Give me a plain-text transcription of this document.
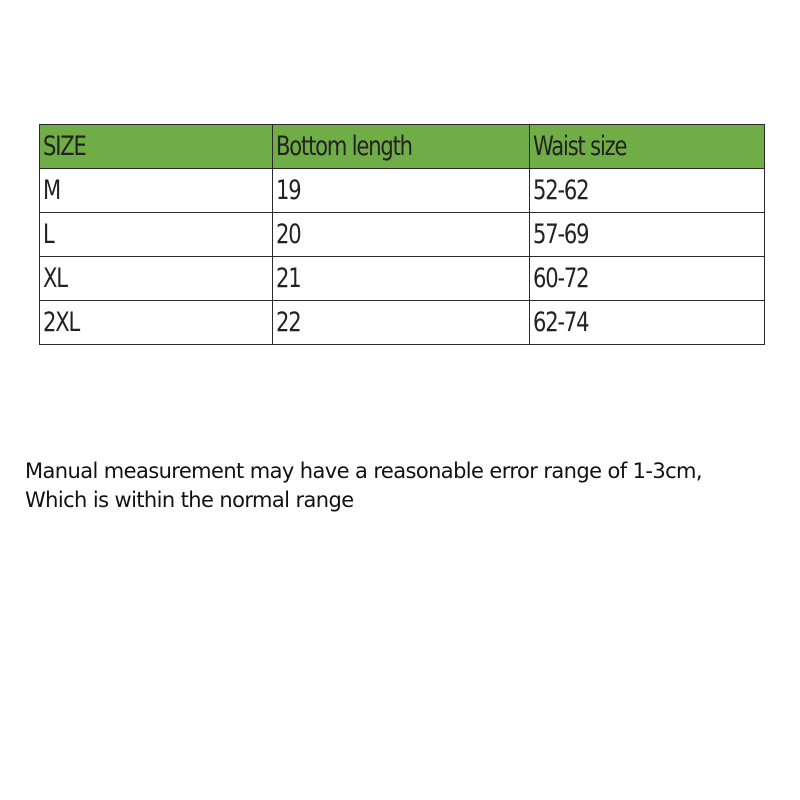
SIZE	Bottom length	Waist size
M	19	52-62
L	20	57-69
XL	21	60-72
2XL	22	62-74

Manual measurement may have a reasonable error range of 1-3cm,

Which is within the normal range
